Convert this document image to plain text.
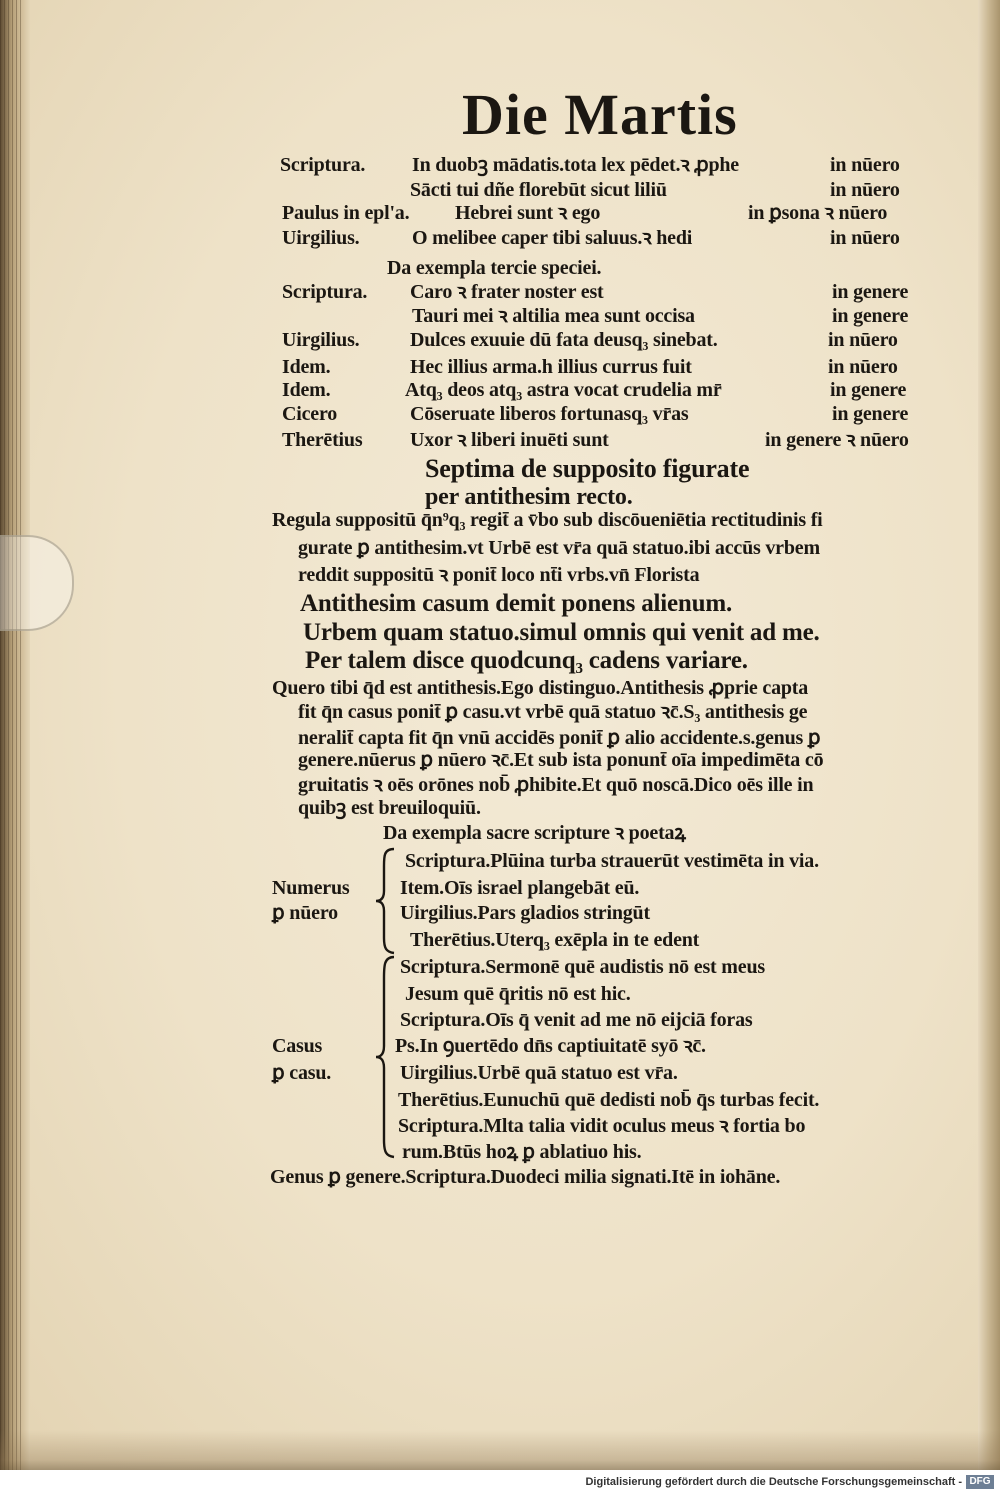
Die Martis
Scriptura. In duobꝫ mādatis.tota lex pēdet.ꝛ ꝓphe	in nūero
Sācti tui dñe florebūt sicut liliū	in nūero
Paulus in epl'a. Hebrei sunt ꝛ ego	in ꝑsona ꝛ nūero
Uirgilius.	O melibee caper tibi saluus.ꝛ hedi	in nūero
Da exempla tercie speciei.
Scriptura. Caro ꝛ frater noster est	in genere
Tauri mei ꝛ altilia mea sunt occisa	in genere
Uirgilius.	Dulces exuuie dū fata deusq₃ sinebat.	in nūero
Idem.	Hec illius arma.h illius currus fuit	in nūero
Idem.	Atq₃ deos atq₃ astra vocat crudelia mr̄	in genere
Cicero	Cōseruate liberos fortunasq₃ vr̄as	in genere
Therētius Uxor ꝛ liberi inuēti sunt	in genere ꝛ nūero
Septima de supposito figurate
per antithesim recto.
Regula suppositū q̄n⁹q₃ regit̄ a v̄bo sub discōueniētia rectitudinis fi
gurate ꝑ antithesim.vt Urbē est vr̄a quā statuo.ibi accūs vrbem
reddit suppositū ꝛ ponit̄ loco nt̄i vrbs.vn̄ Florista
Antithesim casum demit ponens alienum.
Urbem quam statuo.simul omnis qui venit ad me.
Per talem disce quodcunq₃ cadens variare.
Quero tibi q̄d est antithesis.Ego distinguo.Antithesis ꝓprie capta
fit q̄n casus ponit̄ ꝑ casu.vt vrbē quā statuo ꝛc̄.S₃ antithesis ge
neralit̄ capta fit q̄n vnū accidēs ponit̄ ꝑ alio accidente.s.genus ꝑ
genere.nūerus ꝑ nūero ꝛc̄.Et sub ista ponunt̄ oīa impedimēta cō
gruitatis ꝛ oēs orōnes nob̄ ꝓhibite.Et quō noscā.Dico oēs ille in
quibꝫ est breuiloquiū.
Da exempla sacre scripture ꝛ poetaꝝ
Scriptura.Plūina turba strauerūt vestimēta in via.
Numerus	Item.Oīs israel plangebāt eū.
ꝑ nūero	Uirgilius.Pars gladios stringūt
Therētius.Uterq₃ exēpla in te edent
Scriptura.Sermonē quē audistis nō est meus
Jesum quē q̄ritis nō est hic.
Scriptura.Oīs q̄ venit ad me nō eijciā foras
Casus	Ps.In ꝯuertēdo dn̄s captiuitatē syō ꝛc̄.
ꝑ casu.	Uirgilius.Urbē quā statuo est vr̄a.
Therētius.Eunuchū quē dedisti nob̄ q̄s turbas fecit.
Scriptura.Mlta talia vidit oculus meus ꝛ fortia bo
rum.Btūs hoꝝ ꝑ ablatiuo his.
Genus ꝑ genere.Scriptura.Duodeci milia signati.Itē in iohāne.
Digitalisierung gefördert durch die Deutsche Forschungsgemeinschaft - DFG
